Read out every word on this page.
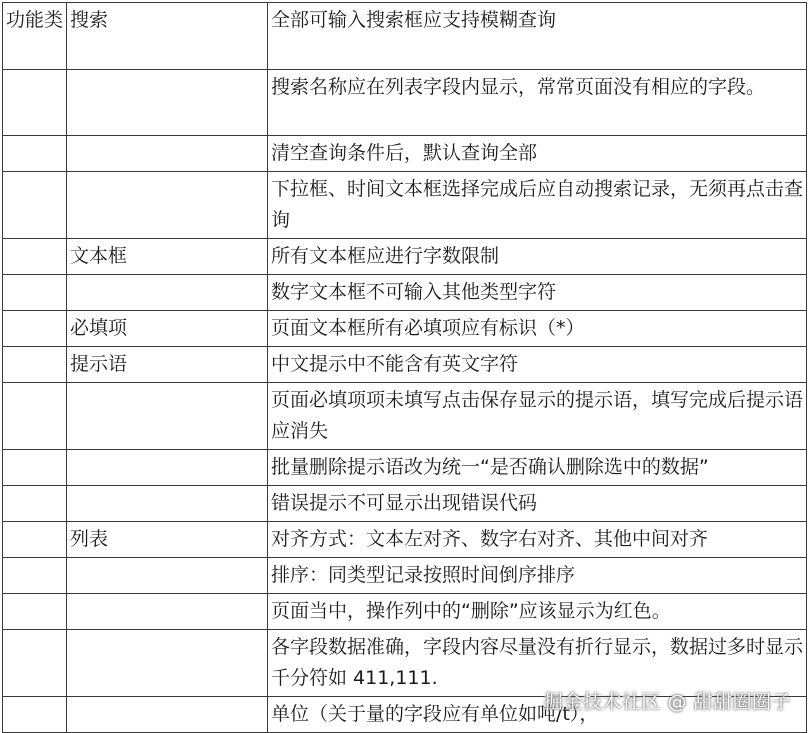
功能类	搜索	全部可输入搜索框应支持模糊查询
		搜索名称应在列表字段内显示，常常页面没有相应的字段。
		清空查询条件后，默认查询全部
		下拉框、时间文本框选择完成后应自动搜索记录，无须再点击查询
	文本框	所有文本框应进行字数限制
		数字文本框不可输入其他类型字符
	必填项	页面文本框所有必填项应有标识（*）
	提示语	中文提示中不能含有英文字符
		页面必填项项未填写点击保存显示的提示语，填写完成后提示语应消失
		批量删除提示语改为统一“是否确认删除选中的数据”
		错误提示不可显示出现错误代码
	列表	对齐方式：文本左对齐、数字右对齐、其他中间对齐
		排序：同类型记录按照时间倒序排序
		页面当中，操作列中的“删除”应该显示为红色。
		各字段数据准确，字段内容尽量没有折行显示，数据过多时显示千分符如 411,111.
		单位（关于量的字段应有单位如吨/t），
掘金技术社区 @ 甜甜圈圈子
